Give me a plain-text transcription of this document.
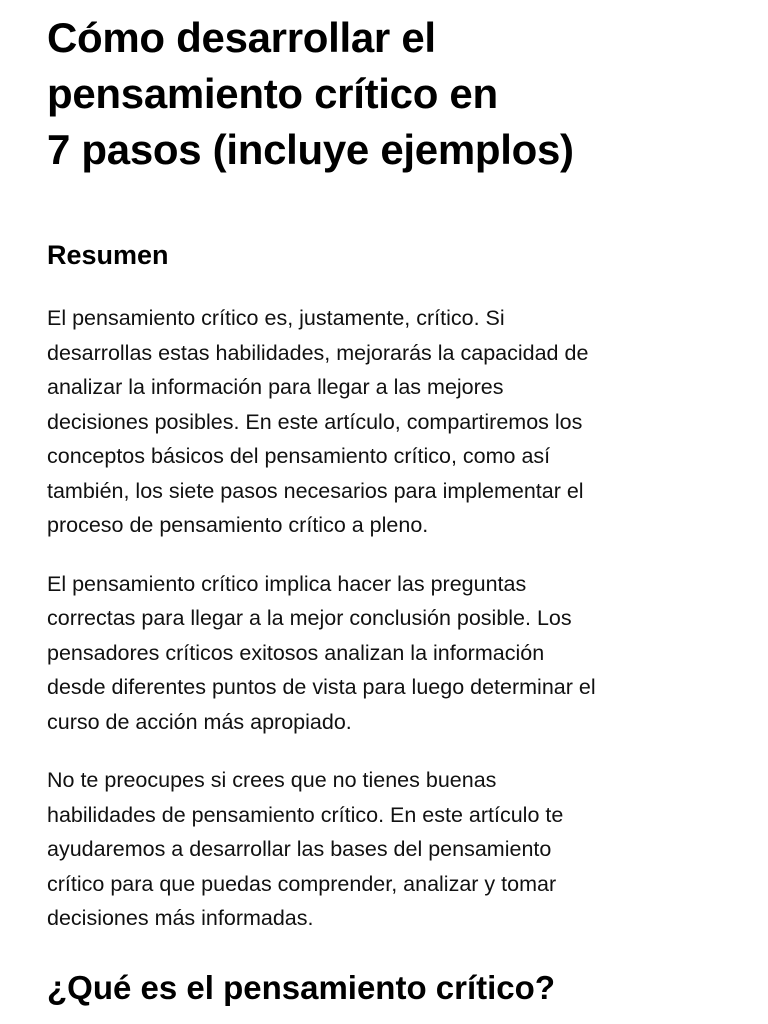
Cómo desarrollar el
pensamiento crítico en
7 pasos (incluye ejemplos)
Resumen

El pensamiento crítico es, justamente, crítico. Si
desarrollas estas habilidades, mejorarás la capacidad de
analizar la información para llegar a las mejores
decisiones posibles. En este artículo, compartiremos los
conceptos básicos del pensamiento crítico, como así
también, los siete pasos necesarios para implementar el
proceso de pensamiento crítico a pleno.

El pensamiento crítico implica hacer las preguntas
correctas para llegar a la mejor conclusión posible. Los
pensadores críticos exitosos analizan la información
desde diferentes puntos de vista para luego determinar el
curso de acción más apropiado.

No te preocupes si crees que no tienes buenas
habilidades de pensamiento crítico. En este artículo te
ayudaremos a desarrollar las bases del pensamiento
crítico para que puedas comprender, analizar y tomar
decisiones más informadas.

¿Qué es el pensamiento crítico?
